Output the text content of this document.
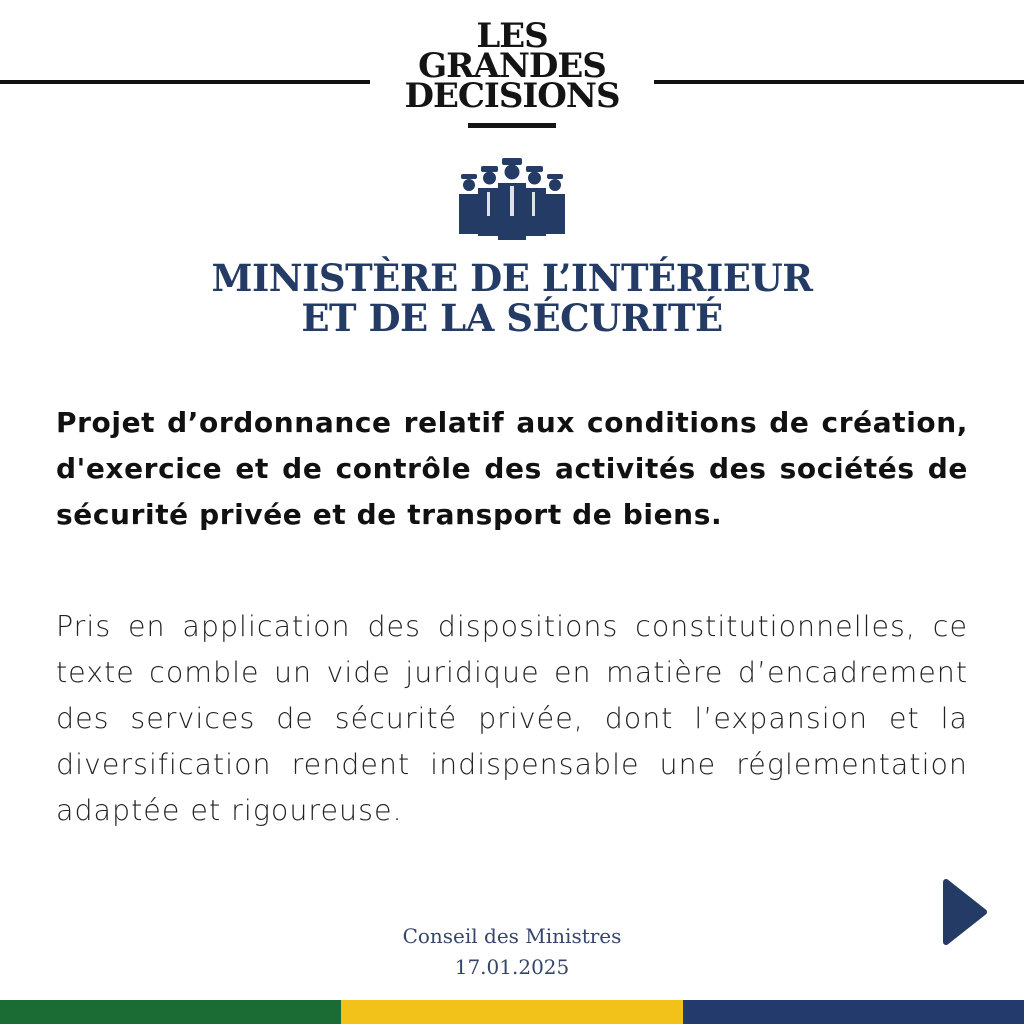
LES
GRANDES
DECISIONS
MINISTÈRE DE L’INTÉRIEUR
ET DE LA SÉCURITÉ
Projet d’ordonnance relatif aux conditions de création, d'exercice et de contrôle des activités des sociétés de sécurité privée et de transport de biens.
Pris en application des dispositions constitutionnelles, ce texte comble un vide juridique en matière d’encadrement des services de sécurité privée, dont l’expansion et la diversification rendent indispensable une réglementation adaptée et rigoureuse.
Conseil des Ministres
17.01.2025
